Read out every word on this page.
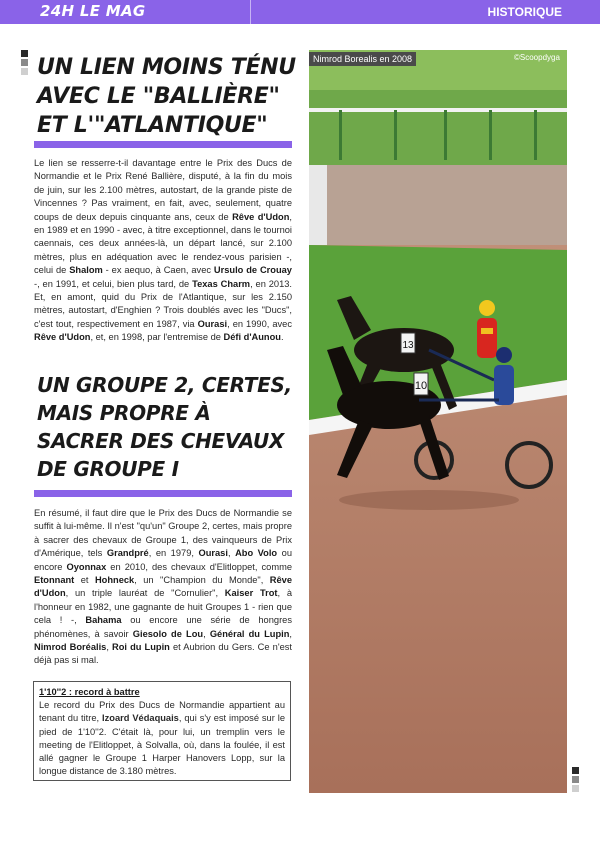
24H LE MAG	HISTORIQUE
UN LIEN MOINS TÉNU AVEC LE "BALLIÈRE" ET L'"ATLANTIQUE"
Le lien se resserre-t-il davantage entre le Prix des Ducs de Normandie et le Prix René Ballière, disputé, à la fin du mois de juin, sur les 2.100 mètres, autostart, de la grande piste de Vincennes ? Pas vraiment, en fait, avec, seulement, quatre coups de deux depuis cinquante ans, ceux de Rêve d'Udon, en 1989 et en 1990 - avec, à titre exceptionnel, dans le tournoi caennais, ces deux années-là, un départ lancé, sur 2.100 mètres, plus en adéquation avec le rendez-vous parisien -, celui de Shalom - ex aequo, à Caen, avec Ursulo de Crouay -, en 1991, et celui, bien plus tard, de Texas Charm, en 2013. Et, en amont, quid du Prix de l'Atlantique, sur les 2.150 mètres, autostart, d'Enghien ? Trois doublés avec les "Ducs", c'est tout, respectivement en 1987, via Ourasi, en 1990, avec Rêve d'Udon, et, en 1998, par l'entremise de Défi d'Aunou.
UN GROUPE 2, CERTES, MAIS PROPRE À SACRER DES CHEVAUX DE GROUPE I
En résumé, il faut dire que le Prix des Ducs de Normandie se suffit à lui-même. Il n'est "qu'un" Groupe 2, certes, mais propre à sacrer des chevaux de Groupe 1, des vainqueurs de Prix d'Amérique, tels Grandpré, en 1979, Ourasi, Abo Volo ou encore Oyonnax en 2010, des chevaux d'Elitloppet, comme Etonnant et Hohneck, un "Champion du Monde", Rêve d'Udon, un triple lauréat de "Cornulier", Kaiser Trot, à l'honneur en 1982, une gagnante de huit Groupes 1 - rien que cela ! -, Bahama ou encore une série de hongres phénomènes, à savoir Giesolo de Lou, Général du Lupin, Nimrod Boréalis, Roi du Lupin et Aubrion du Gers. Ce n'est déjà pas si mal.
1'10''2 : record à battre
Le record du Prix des Ducs de Normandie appartient au tenant du titre, Izoard Védaquais, qui s'y est imposé sur le pied de 1'10''2. C'était là, pour lui, un tremplin vers le meeting de l'Elitloppet, à Solvalla, où, dans la foulée, il est allé gagner le Groupe 1 Harper Hanovers Lopp, sur la longue distance de 3.180 mètres.
10
13
Nimrod Borealis en 2008	©Scoopdyga
